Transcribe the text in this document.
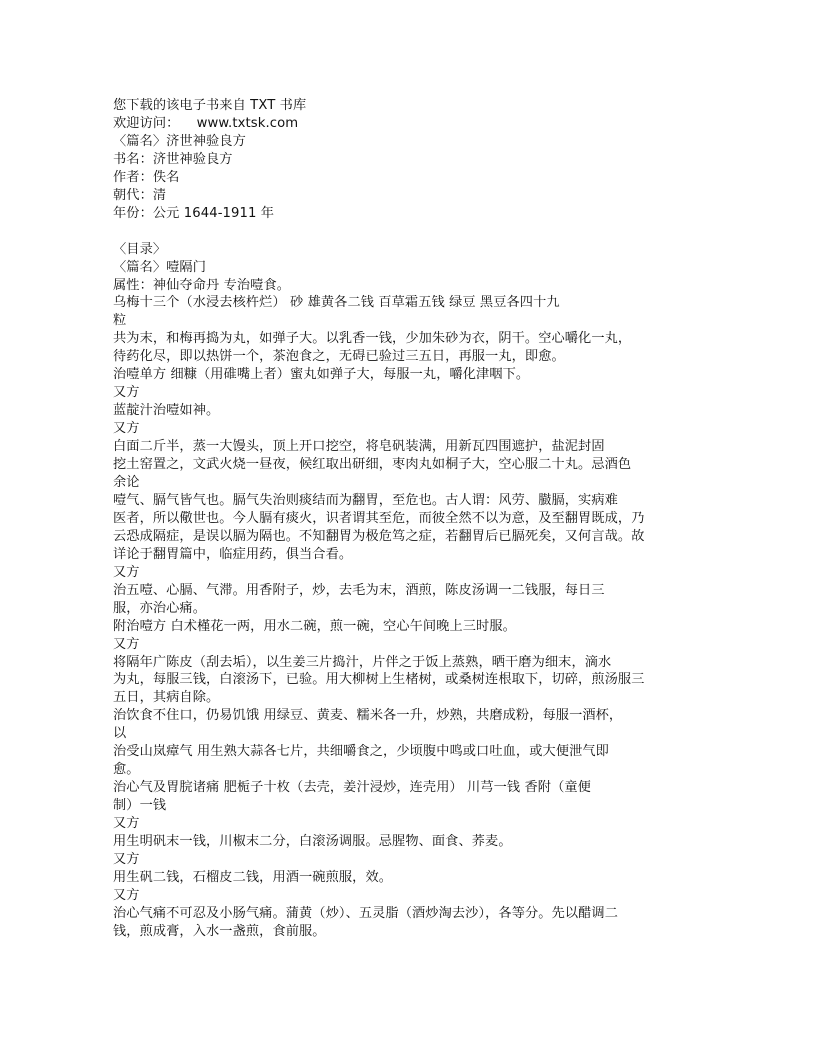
您下载的该电子书来自 TXT 书库
欢迎访问：    www.txtsk.com
〈篇名〉济世神验良方
书名：济世神验良方
作者：佚名
朝代：清
年份：公元 1644-1911 年
〈目录〉
〈篇名〉噎隔门
属性：神仙夺命丹 专治噎食。
乌梅十三个（水浸去核杵烂） 砂 雄黄各二钱 百草霜五钱 绿豆 黑豆各四十九
粒
共为末，和梅再捣为丸，如弹子大。以乳香一钱，少加朱砂为衣，阴干。空心嚼化一丸，
待药化尽，即以热饼一个，茶泡食之，无碍已验过三五日，再服一丸，即愈。
治噎单方 细糠（用碓嘴上者）蜜丸如弹子大，每服一丸，嚼化津咽下。
又方
蓝靛汁治噎如神。
又方
白面二斤半，蒸一大馒头，顶上开口挖空，将皂矾装满，用新瓦四围遮护，盐泥封固
挖土窑置之，文武火烧一昼夜，候红取出研细，枣肉丸如桐子大，空心服二十丸。忌酒色
余论
噎气、膈气皆气也。膈气失治则痰结而为翻胃，至危也。古人谓：风劳、臌膈，实病难
医者，所以儆世也。今人膈有痰火，识者谓其至危，而彼全然不以为意，及至翻胃既成，乃
云恐成隔症，是误以膈为隔也。不知翻胃为极危笃之症，若翻胃后已膈死矣，又何言哉。故
详论于翻胃篇中，临症用药，俱当合看。
又方
治五噎、心膈、气滞。用香附子，炒，去毛为末，酒煎，陈皮汤调一二钱服，每日三
服，亦治心痛。
附治噎方 白术槿花一两，用水二碗，煎一碗，空心午间晚上三时服。
又方
将隔年广陈皮（刮去垢），以生姜三片捣汁，片伴之于饭上蒸熟，晒干磨为细末，滴水
为丸，每服三钱，白滚汤下，已验。用大柳树上生楮树，或桑树连根取下，切碎，煎汤服三
五日，其病自除。
治饮食不住口，仍易饥饿 用绿豆、黄麦、糯米各一升，炒熟，共磨成粉，每服一酒杯，
以
治受山岚瘴气 用生熟大蒜各七片，共细嚼食之，少顷腹中鸣或口吐血，或大便泄气即
愈。
治心气及胃脘诸痛 肥栀子十枚（去壳，姜汁浸炒，连壳用） 川芎一钱 香附（童便
制）一钱
又方
用生明矾末一钱，川椒末二分，白滚汤调服。忌腥物、面食、荞麦。
又方
用生矾二钱，石榴皮二钱，用酒一碗煎服，效。
又方
治心气痛不可忍及小肠气痛。蒲黄（炒）、五灵脂（酒炒淘去沙），各等分。先以醋调二
钱，煎成膏，入水一盏煎，食前服。
